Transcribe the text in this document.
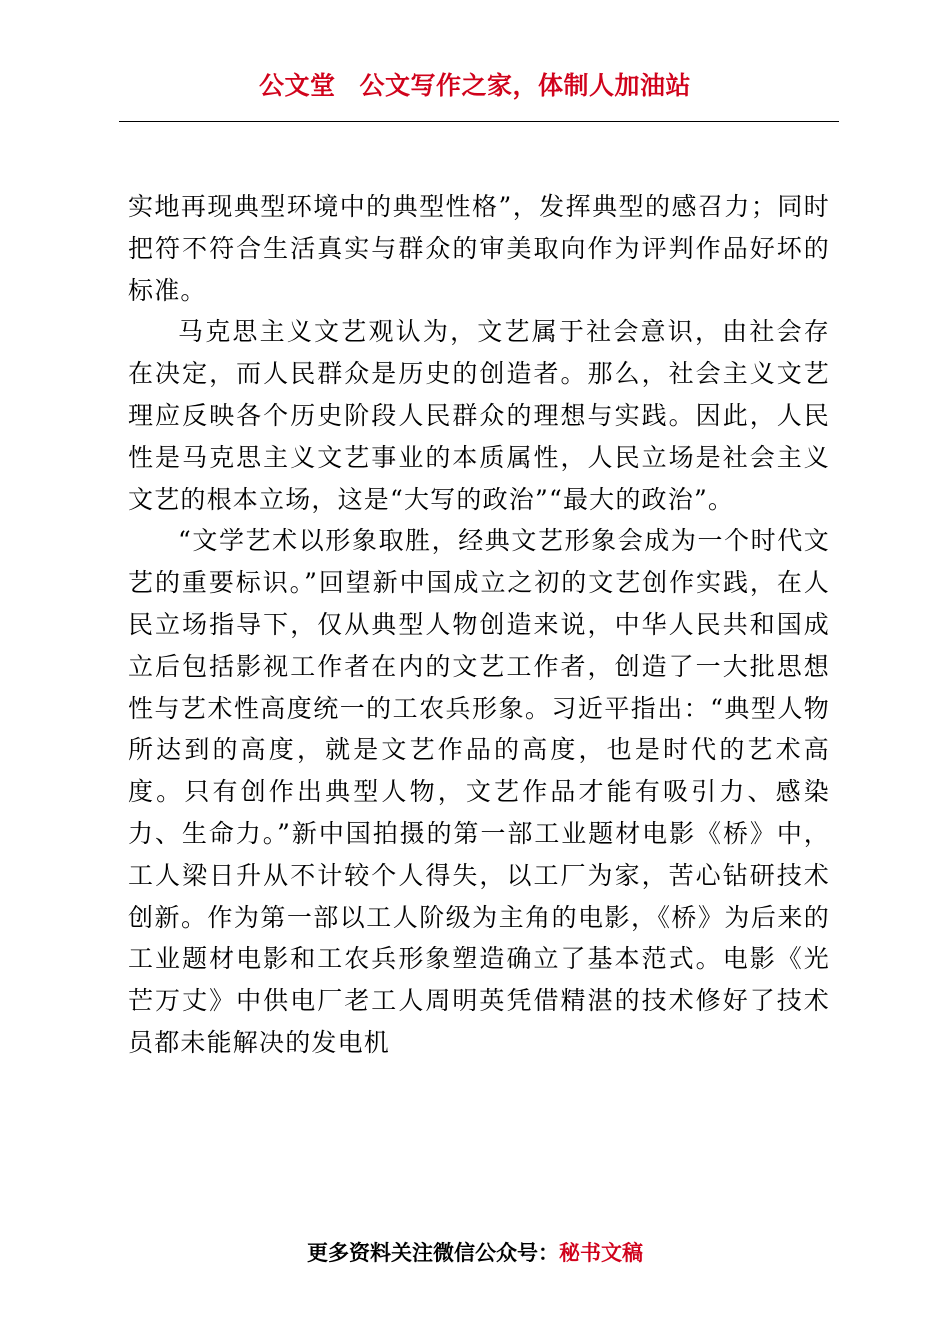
公文堂 公文写作之家，体制人加油站

实地再现典型环境中的典型性格”，发挥典型的感召力；同时把符不符合生活真实与群众的审美取向作为评判作品好坏的标准。

马克思主义文艺观认为，文艺属于社会意识，由社会存在决定，而人民群众是历史的创造者。那么，社会主义文艺理应反映各个历史阶段人民群众的理想与实践。因此，人民性是马克思主义文艺事业的本质属性，人民立场是社会主义文艺的根本立场，这是“大写的政治”“最大的政治”。

“文学艺术以形象取胜，经典文艺形象会成为一个时代文艺的重要标识。”回望新中国成立之初的文艺创作实践，在人民立场指导下，仅从典型人物创造来说，中华人民共和国成立后包括影视工作者在内的文艺工作者，创造了一大批思想性与艺术性高度统一的工农兵形象。习近平指出：“典型人物所达到的高度，就是文艺作品的高度，也是时代的艺术高度。只有创作出典型人物，文艺作品才能有吸引力、感染力、生命力。”新中国拍摄的第一部工业题材电影《桥》中，工人梁日升从不计较个人得失，以工厂为家，苦心钻研技术创新。作为第一部以工人阶级为主角的电影，《桥》为后来的工业题材电影和工农兵形象塑造确立了基本范式。电影《光芒万丈》中供电厂老工人周明英凭借精湛的技术修好了技术员都未能解决的发电机

更多资料关注微信公众号：秘书文稿
